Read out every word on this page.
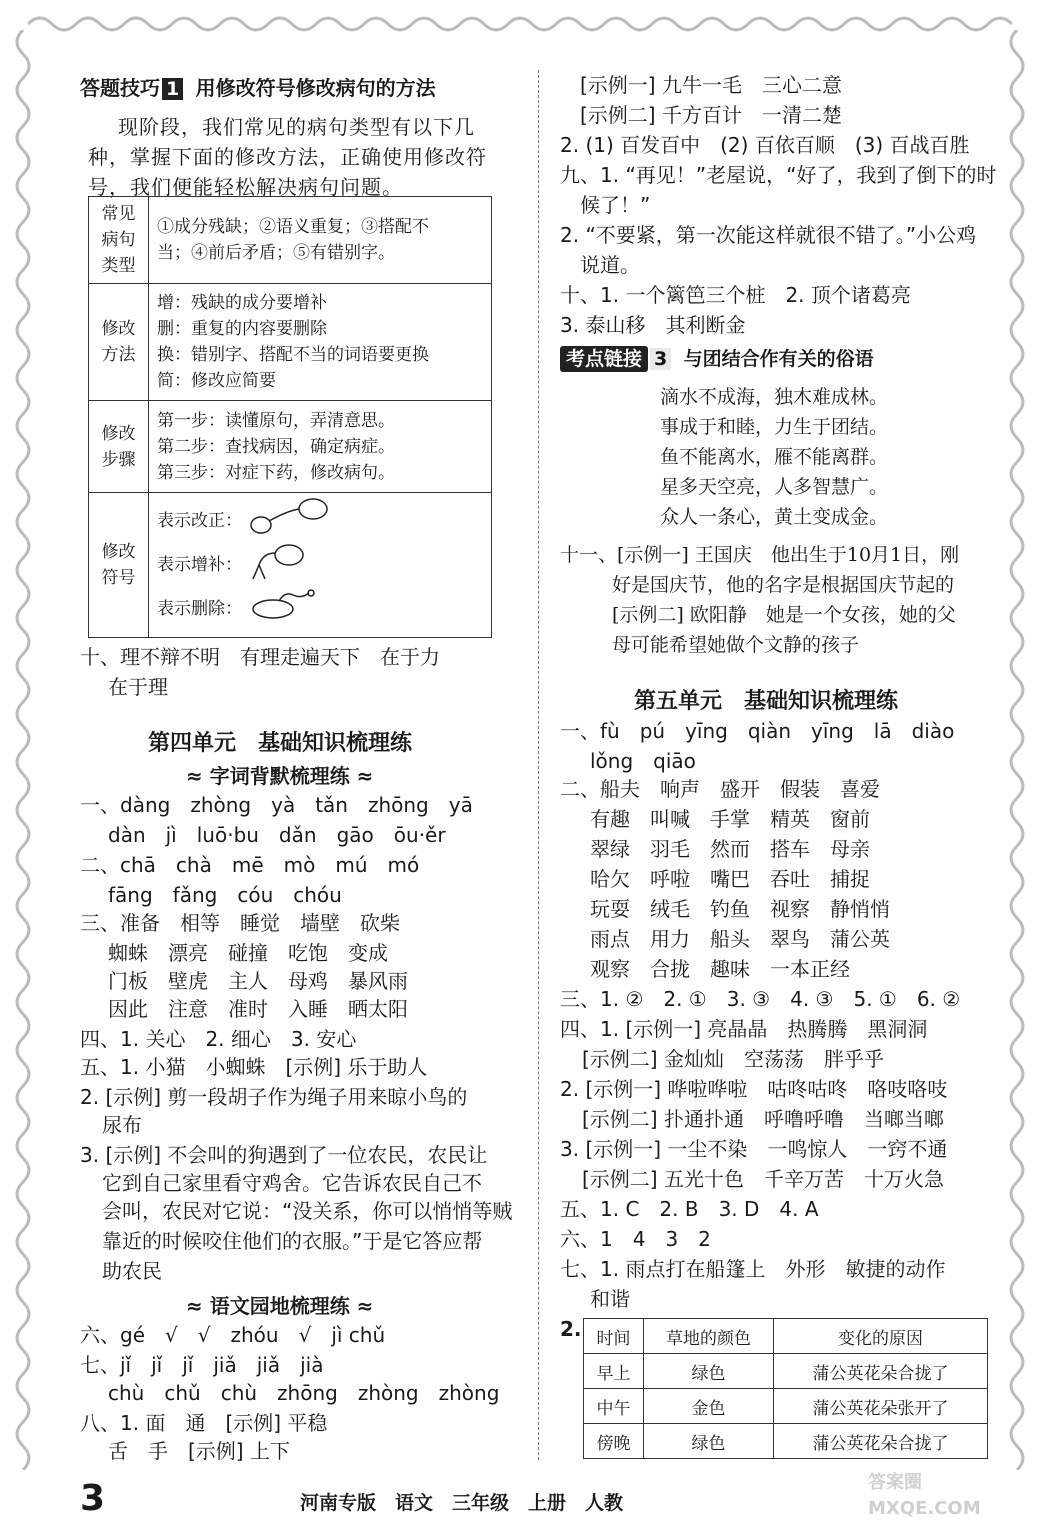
答题技巧 1 用修改符号修改病句的方法
现阶段，我们常见的病句类型有以下几
种，掌握下面的修改方法，正确使用修改符
号，我们便能轻松解决病句问题。
常见病句类型	①成分残缺；②语义重复；③搭配不
当；④前后矛盾；⑤有错别字。

修改方法	增：残缺的成分要增补
删：重复的内容要删除
换：错别字、搭配不当的词语要更换
简：修改应简要

修改步骤	第一步：读懂原句，弄清意思。
第二步：查找病因，确定病症。
第三步：对症下药，修改病句。

修改符号	表示改正：
表示增补：
表示删除：
十、理不辩不明　有理走遍天下　在于力
在于理
第四单元　基础知识梳理练
≈ 字词背默梳理练 ≈
一、dàng　zhòng　yà　tǎn　zhōng　yā
dàn　jì　luō·bu　dǎn　gāo　ōu·ěr
二、chā　chà　mē　mò　mú　mó
fāng　fǎng　cóu　chóu
三、准备　相等　睡觉　墙壁　砍柴
蜘蛛　漂亮　碰撞　吃饱　变成
门板　壁虎　主人　母鸡　暴风雨
因此　注意　准时　入睡　晒太阳
四、1. 关心　2. 细心　3. 安心
五、1. 小猫　小蜘蛛　[示例] 乐于助人
2. [示例] 剪一段胡子作为绳子用来晾小鸟的
尿布
3. [示例] 不会叫的狗遇到了一位农民，农民让
它到自己家里看守鸡舍。它告诉农民自己不
会叫，农民对它说：“没关系，你可以悄悄等贼
靠近的时候咬住他们的衣服。”于是它答应帮
助农民
≈ 语文园地梳理练 ≈
六、gé　√　√　zhóu　√　jì chǔ
七、jǐ　jǐ　jǐ　jiǎ　jiǎ　jià
chù　chǔ　chù　zhōng　zhòng　zhòng
八、1. 面　通　[示例] 平稳
舌　手　[示例] 上下
[示例一] 九牛一毛　三心二意
[示例二] 千方百计　一清二楚
2. (1) 百发百中　(2) 百依百顺　(3) 百战百胜
九、1. “再见！”老屋说，“好了，我到了倒下的时
候了！”
2. “不要紧，第一次能这样就很不错了。”小公鸡
说道。
十、1. 一个篱笆三个桩　2. 顶个诸葛亮
3. 泰山移　其利断金
考点链接 3 与团结合作有关的俗语
滴水不成海，独木难成林。
事成于和睦，力生于团结。
鱼不能离水，雁不能离群。
星多天空亮，人多智慧广。
众人一条心，黄土变成金。
十一、[示例一] 王国庆　他出生于10月1日，刚
好是国庆节，他的名字是根据国庆节起的
[示例二] 欧阳静　她是一个女孩，她的父
母可能希望她做个文静的孩子
第五单元　基础知识梳理练
一、fù　pú　yīng　qiàn　yīng　lā　diào
lǒng　qiāo
二、船夫　响声　盛开　假装　喜爱
有趣　叫喊　手掌　精英　窗前
翠绿　羽毛　然而　搭车　母亲
哈欠　呼啦　嘴巴　吞吐　捕捉
玩耍　绒毛　钓鱼　视察　静悄悄
雨点　用力　船头　翠鸟　蒲公英
观察　合拢　趣味　一本正经
三、1. ②　2. ①　3. ③　4. ③　5. ①　6. ②
四、1. [示例一] 亮晶晶　热腾腾　黑洞洞
[示例二] 金灿灿　空荡荡　胖乎乎
2. [示例一] 哗啦哗啦　咕咚咕咚　咯吱咯吱
[示例二] 扑通扑通　呼噜呼噜　当啷当啷
3. [示例一] 一尘不染　一鸣惊人　一窍不通
[示例二] 五光十色　千辛万苦　十万火急
五、1. C　2. B　3. D　4. A
六、1　4　3　2
七、1. 雨点打在船篷上　外形　敏捷的动作
和谐
2. 时间	草地的颜色	变化的原因
早上	绿色	蒲公英花朵合拢了
中午	金色	蒲公英花朵张开了
傍晚	绿色	蒲公英花朵合拢了
3	河南专版　语文　三年级　上册　人教
答案圈 MXQE.COM
